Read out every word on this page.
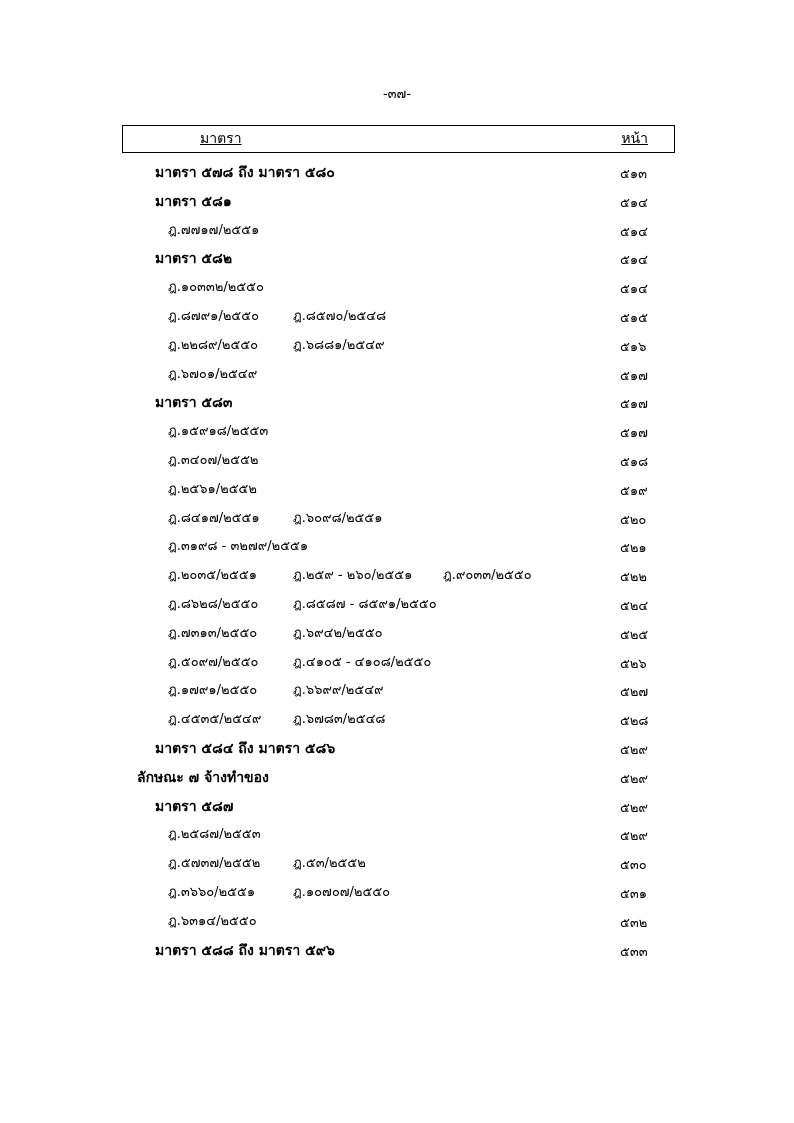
-๓๗-
มาตรา	หน้า
มาตรา ๕๗๘ ถึง มาตรา ๕๘๐	๕๑๓
มาตรา ๕๘๑	๕๑๔
ฎ.๗๗๑๗/๒๕๕๑	๕๑๔
มาตรา ๕๘๒	๕๑๔
ฎ.๑๐๓๓๒/๒๕๕๐	๕๑๔
ฎ.๘๗๙๑/๒๕๕๐	ฎ.๘๕๗๐/๒๕๔๘	๕๑๕
ฎ.๒๒๘๙/๒๕๕๐	ฎ.๖๘๘๑/๒๕๔๙	๕๑๖
ฎ.๖๗๐๑/๒๕๔๙	๕๑๗
มาตรา ๕๘๓	๕๑๗
ฎ.๑๕๙๑๘/๒๕๕๓	๕๑๗
ฎ.๓๔๐๗/๒๕๕๒	๕๑๘
ฎ.๒๕๖๑/๒๕๕๒	๕๑๙
ฎ.๘๔๑๗/๒๕๕๑	ฎ.๖๐๙๘/๒๕๕๑	๕๒๐
ฎ.๓๑๙๘ - ๓๒๗๙/๒๕๕๑	๕๒๑
ฎ.๒๐๓๕/๒๕๕๑	ฎ.๒๕๙ - ๒๖๐/๒๕๕๑ ฎ.๙๐๓๓/๒๕๕๐	๕๒๒
ฎ.๘๖๒๘/๒๕๕๐	ฎ.๘๕๘๗ - ๘๕๙๑/๒๕๕๐	๕๒๔
ฎ.๗๓๑๓/๒๕๕๐	ฎ.๖๙๔๒/๒๕๕๐	๕๒๕
ฎ.๕๐๙๗/๒๕๕๐	ฎ.๔๑๐๕ - ๔๑๐๘/๒๕๕๐	๕๒๖
ฎ.๑๗๙๑/๒๕๕๐	ฎ.๖๖๙๙/๒๕๔๙	๕๒๗
ฎ.๔๕๓๕/๒๕๔๙ ฎ.๖๗๘๓/๒๕๔๘	๕๒๘
มาตรา ๕๘๔ ถึง มาตรา ๕๘๖	๕๒๙
ลักษณะ ๗ จ้างทำของ	๕๒๙
มาตรา ๕๘๗	๕๒๙
ฎ.๒๕๘๗/๒๕๕๓	๕๒๙
ฎ.๕๗๓๗/๒๕๕๒	ฎ.๕๓/๒๕๕๒	๕๓๐
ฎ.๓๖๖๐/๒๕๕๑	ฎ.๑๐๗๐๗/๒๕๕๐	๕๓๑
ฎ.๖๓๑๔/๒๕๕๐	๕๓๒
มาตรา ๕๘๘ ถึง มาตรา ๕๙๖	๕๓๓
